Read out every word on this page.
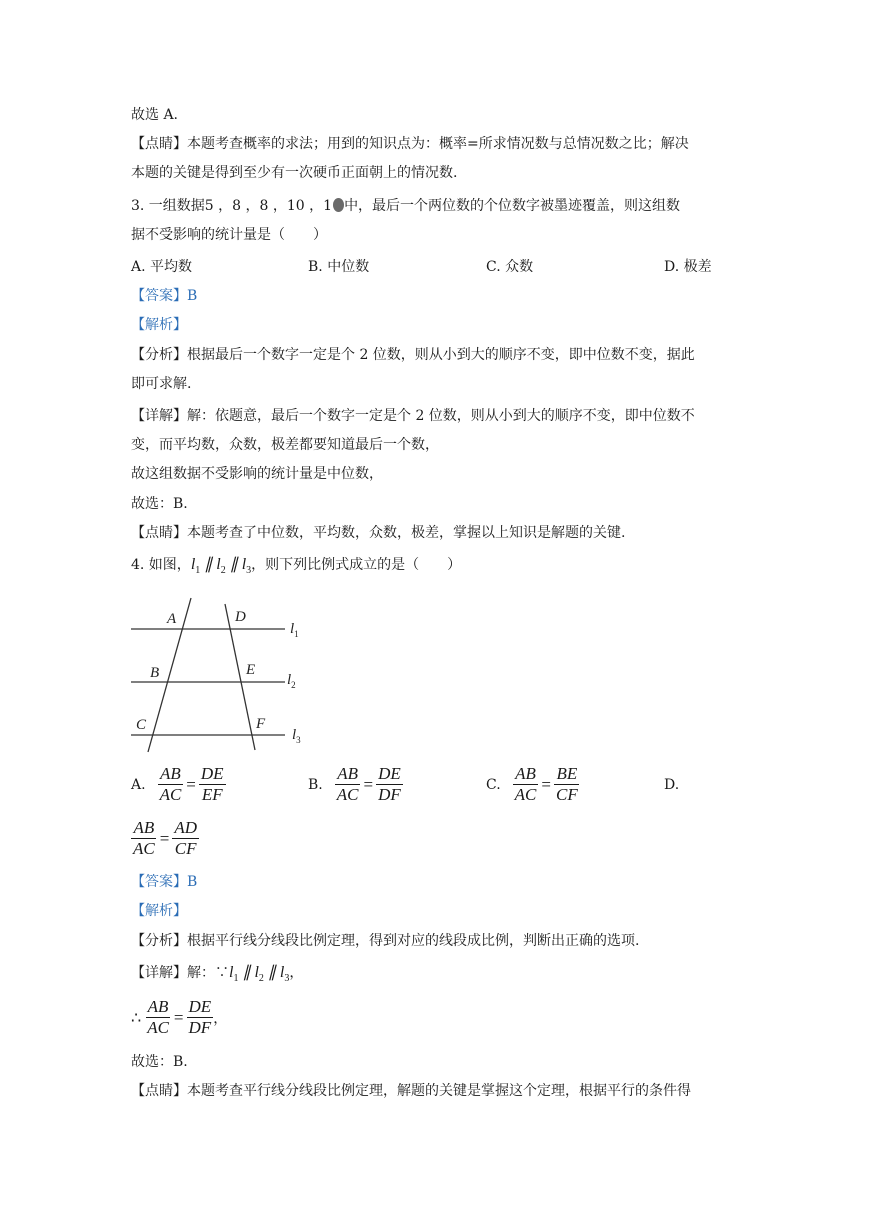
故选 A.
【点睛】本题考查概率的求法；用到的知识点为：概率=所求情况数与总情况数之比；解决
本题的关键是得到至少有一次硬币正面朝上的情况数.
3. 一组数据5 ，8 ，8 ，10 ，1 中，最后一个两位数的个位数字被墨迹覆盖，则这组数
据不受影响的统计量是（　　）
A. 平均数	B. 中位数	C. 众数	D. 极差
【答案】B
【解析】
【分析】根据最后一个数字一定是个 2 位数，则从小到大的顺序不变，即中位数不变，据此
即可求解.
【详解】解：依题意，最后一个数字一定是个 2 位数，则从小到大的顺序不变，即中位数不
变，而平均数，众数，极差都要知道最后一个数，
故这组数据不受影响的统计量是中位数，
故选：B.
【点睛】本题考查了中位数，平均数，众数，极差，掌握以上知识是解题的关键.
4. 如图，$l_1$ ∥ $l_2$ ∥ $l_3$，则下列比例式成立的是（　　）
A	D
B	E
C	F
$l_1$
$l_2$
$l_3$
A. $\frac{AB}{AC} = \frac{DE}{EF}$	B. $\frac{AB}{AC} = \frac{DE}{DF}$	C. $\frac{AB}{AC} = \frac{BE}{CF}$	D.
$\frac{AB}{AC} = \frac{AD}{CF}$
【答案】B
【解析】
【分析】根据平行线分线段比例定理，得到对应的线段成比例，判断出正确的选项.
【详解】解：$\because l_1$ ∥ $l_2$ ∥ $l_3$，
∴ $\frac{AB}{AC} = \frac{DE}{DF}$ ，
故选：B.
【点睛】本题考查平行线分线段比例定理，解题的关键是掌握这个定理，根据平行的条件得
